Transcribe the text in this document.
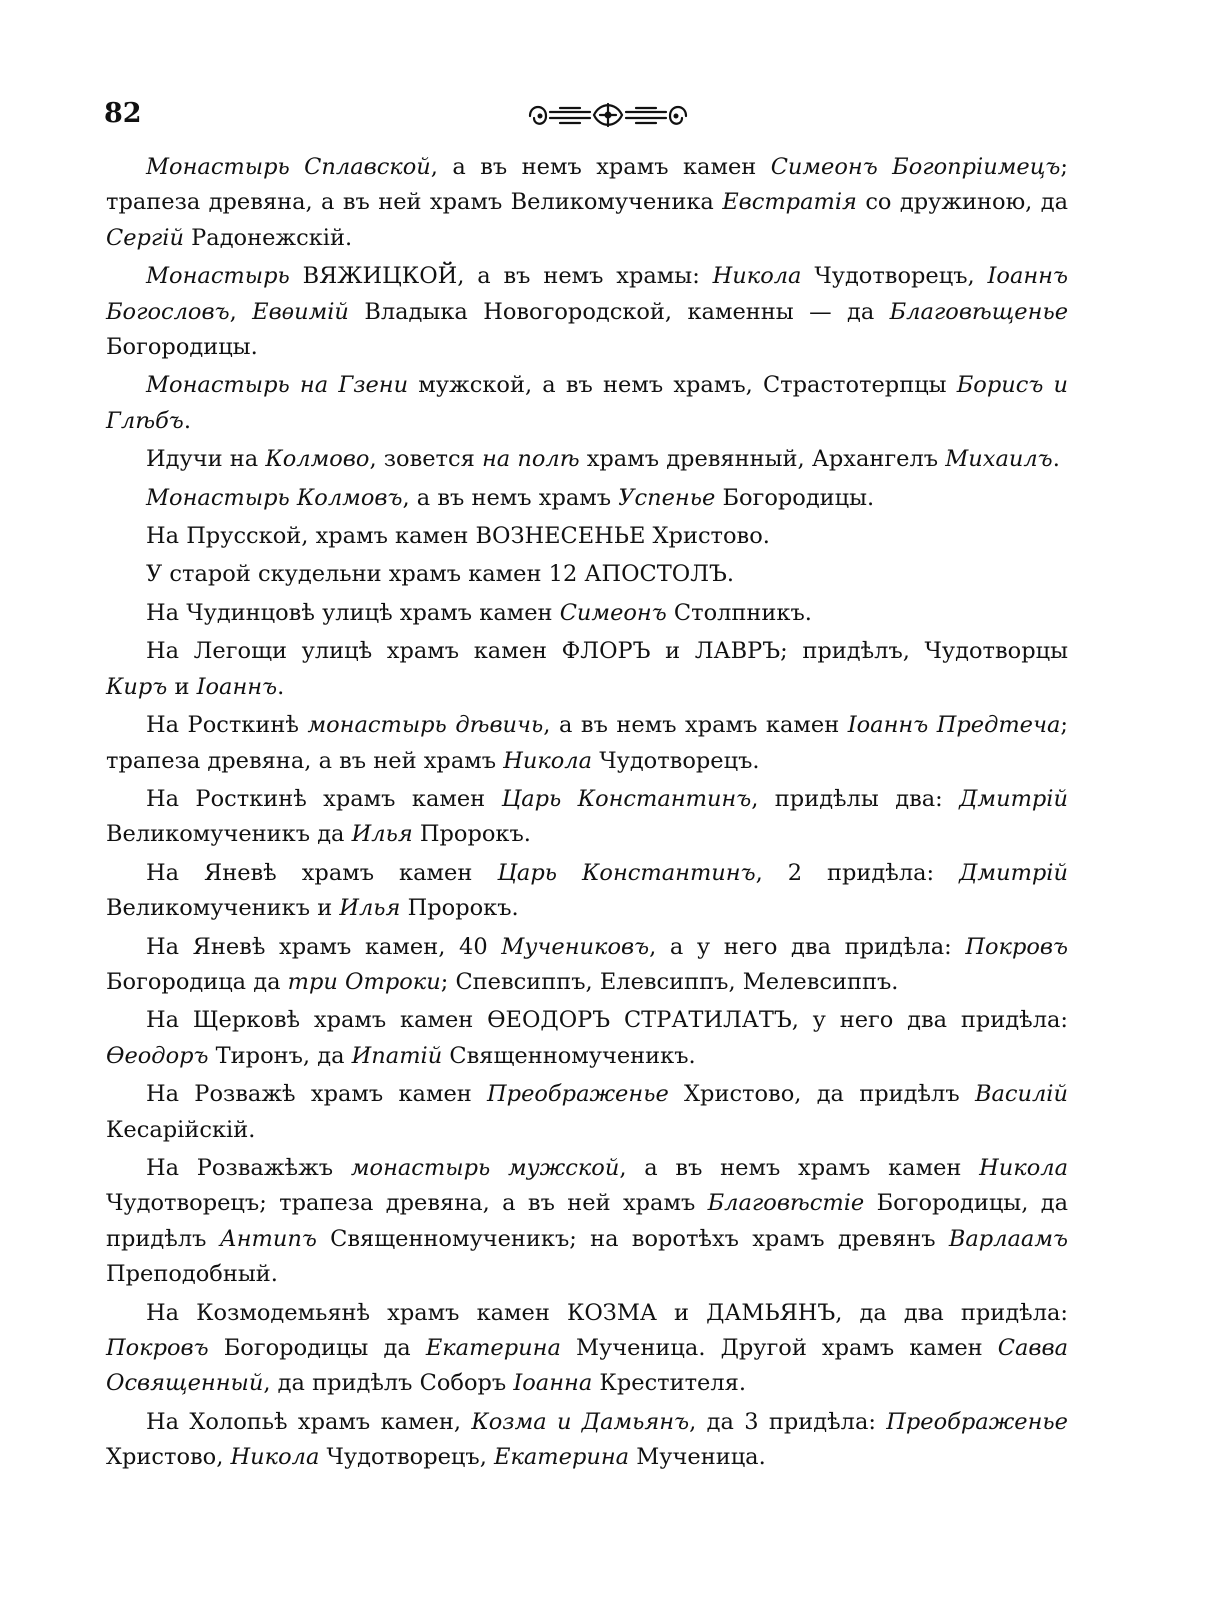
82

Монастырь Сплавской, а въ немъ храмъ камен Симеонъ Богопріимецъ; трапеза древяна, а въ ней храмъ Великомученика Евстратія со дружиною, да Сергій Радонежскій.

Монастырь ВЯЖИЦКОЙ, а въ немъ храмы: Никола Чудотворецъ, Іоаннъ Богословъ, Евѳимій Владыка Новогородской, каменны — да Благовѣщенье Богородицы.

Монастырь на Гзени мужской, а въ немъ храмъ, Страстотерпцы Борисъ и Глѣбъ.

Идучи на Колмово, зовется на полѣ храмъ древянный, Архангелъ Михаилъ.

Монастырь Колмовъ, а въ немъ храмъ Успенье Богородицы.

На Прусской, храмъ камен ВОЗНЕСЕНЬЕ Христово.

У старой скудельни храмъ камен 12 АПОСТОЛЪ.

На Чудинцовѣ улицѣ храмъ камен Симеонъ Столпникъ.

На Легощи улицѣ храмъ камен ФЛОРЪ и ЛАВРЪ; придѣлъ, Чудотворцы Киръ и Іоаннъ.

На Росткинѣ монастырь дѣвичь, а въ немъ храмъ камен Іоаннъ Предтеча; трапеза древяна, а въ ней храмъ Никола Чудотворецъ.

На Росткинѣ храмъ камен Царь Константинъ, придѣлы два: Дмитрій Великомученикъ да Илья Пророкъ.

На Яневѣ храмъ камен Царь Константинъ, 2 придѣла: Дмитрій Великомученикъ и Илья Пророкъ.

На Яневѣ храмъ камен, 40 Мучениковъ, а у него два придѣла: Покровъ Богородица да три Отроки; Спевсиппъ, Елевсиппъ, Мелевсиппъ.

На Щерковѣ храмъ камен ѲЕОДОРЪ СТРАТИЛАТЪ, у него два придѣла: Ѳеодоръ Тиронъ, да Ипатій Священномученикъ.

На Розважѣ храмъ камен Преображенье Христово, да придѣлъ Василій Кесарійскій.

На Розважѣжъ монастырь мужской, а въ немъ храмъ камен Никола Чудотворецъ; трапеза древяна, а въ ней храмъ Благовѣстіе Богородицы, да придѣлъ Антипъ Священномученикъ; на воротѣхъ храмъ древянъ Варлаамъ Преподобный.

На Козмодемьянѣ храмъ камен КОЗМА и ДАМЬЯНЪ, да два придѣла: Покровъ Богородицы да Екатерина Мученица. Другой храмъ камен Савва Освященный, да придѣлъ Соборъ Іоанна Крестителя.

На Холопьѣ храмъ камен, Козма и Дамьянъ, да 3 придѣла: Преображенье Христово, Никола Чудотворецъ, Екатерина Мученица.
